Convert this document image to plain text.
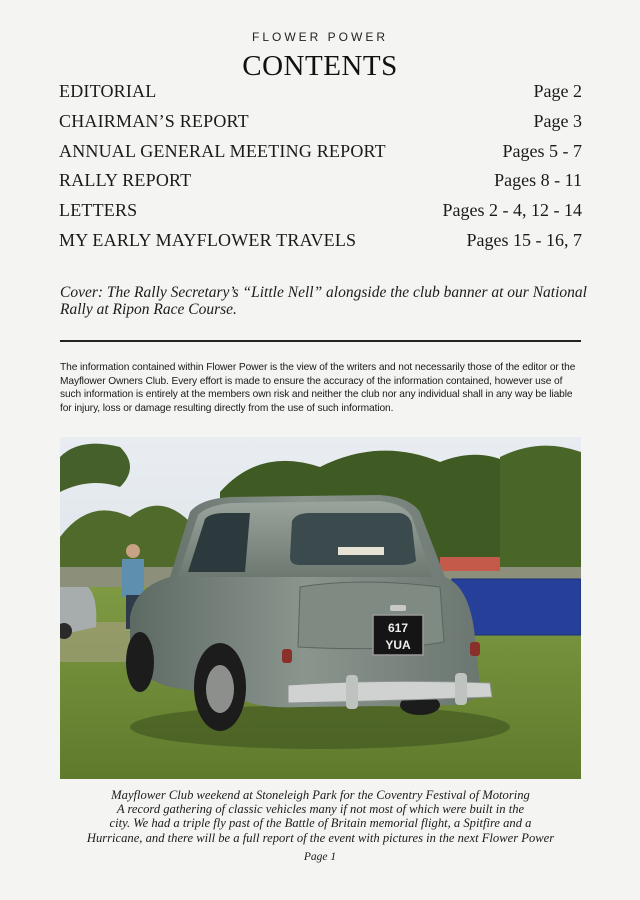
FLOWER POWER
CONTENTS
EDITORIAL	Page 2
CHAIRMAN’S REPORT	Page 3
ANNUAL GENERAL MEETING REPORT	Pages 5 - 7
RALLY REPORT	Pages 8 - 11
LETTERS	Pages 2 - 4, 12 - 14
MY EARLY MAYFLOWER TRAVELS	Pages 15 - 16, 7
Cover: The Rally Secretary’s “Little Nell” alongside the club banner at our National Rally at Ripon Race Course.
The information contained within Flower Power is the view of the writers and not necessarily those of the editor or the Mayflower Owners Club. Every effort is made to ensure the accuracy of the information contained, however use of such information is entirely at the members own risk and neither the club nor any individual shall in any way be liable for injury, loss or damage resulting directly from the use of such information.
617
YUA

Mayflower Club weekend at Stoneleigh Park for the Coventry Festival of Motoring

A record gathering of classic vehicles many if not most of which were built in the

city. We had a triple fly past of the Battle of Britain memorial flight, a Spitfire and a

Hurricane, and there will be a full report of the event with pictures in the next Flower Power

Page 1
